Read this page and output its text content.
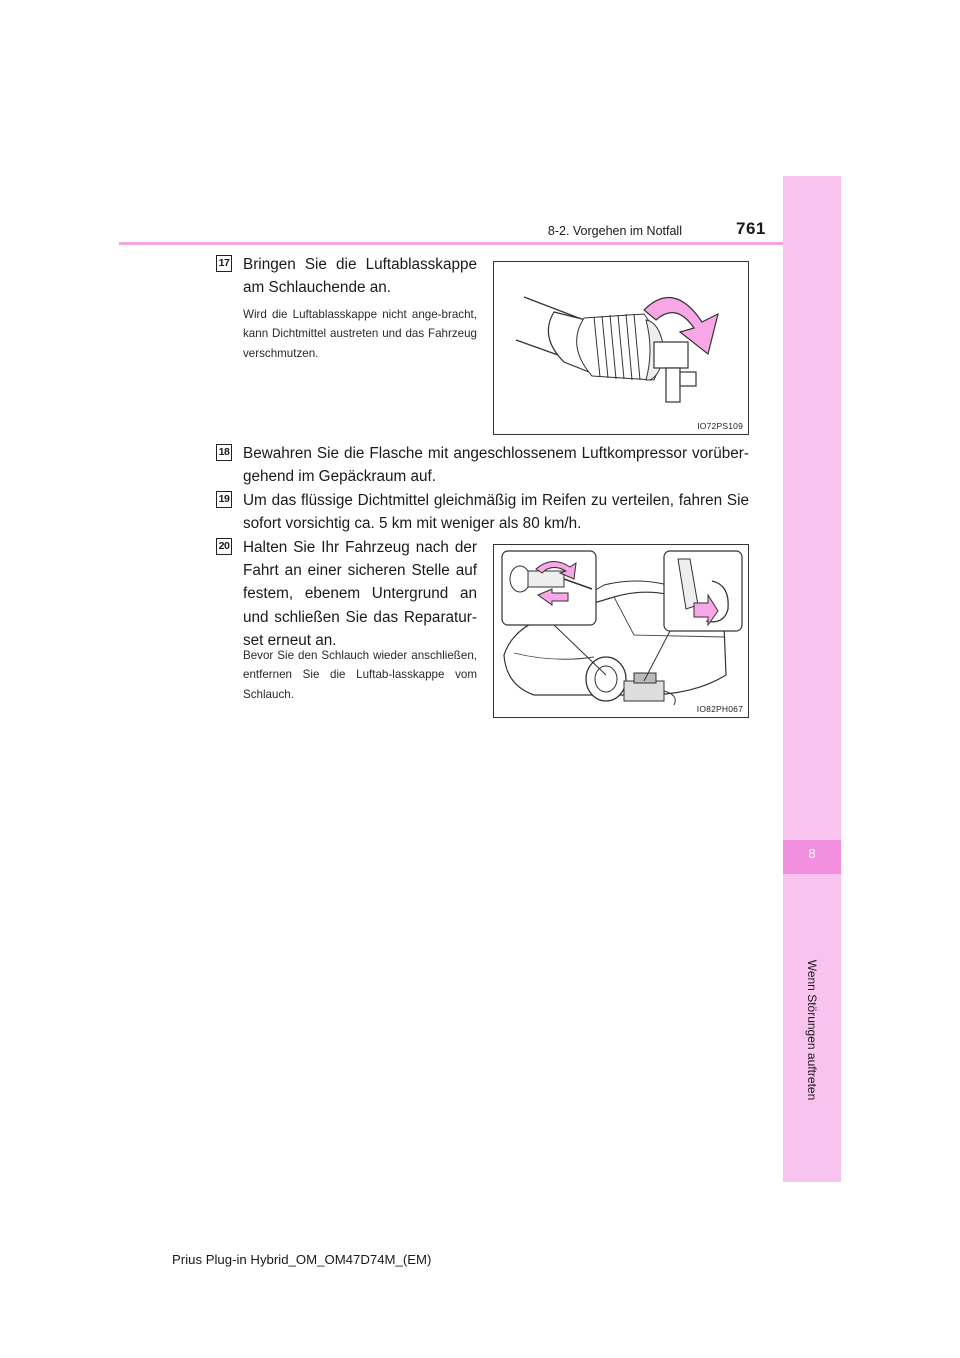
8
Wenn Störungen auftreten
8-2. Vorgehen im Notfall	761
17 Bringen Sie die Luftablasskappe am Schlauchende an.
Wird die Luftablasskappe nicht ange-bracht, kann Dichtmittel austreten und das Fahrzeug verschmutzen.
IO72PS109
18 Bewahren Sie die Flasche mit angeschlossenem Luftkompressor vorüber-gehend im Gepäckraum auf.
19 Um das flüssige Dichtmittel gleichmäßig im Reifen zu verteilen, fahren Sie sofort vorsichtig ca. 5 km mit weniger als 80 km/h.
20 Halten Sie Ihr Fahrzeug nach der Fahrt an einer sicheren Stelle auf festem, ebenem Untergrund an und schließen Sie das Reparatur-set erneut an.
Bevor Sie den Schlauch wieder anschließen, entfernen Sie die Luftab-lasskappe vom Schlauch.
IO82PH067
Prius Plug-in Hybrid_OM_OM47D74M_(EM)
